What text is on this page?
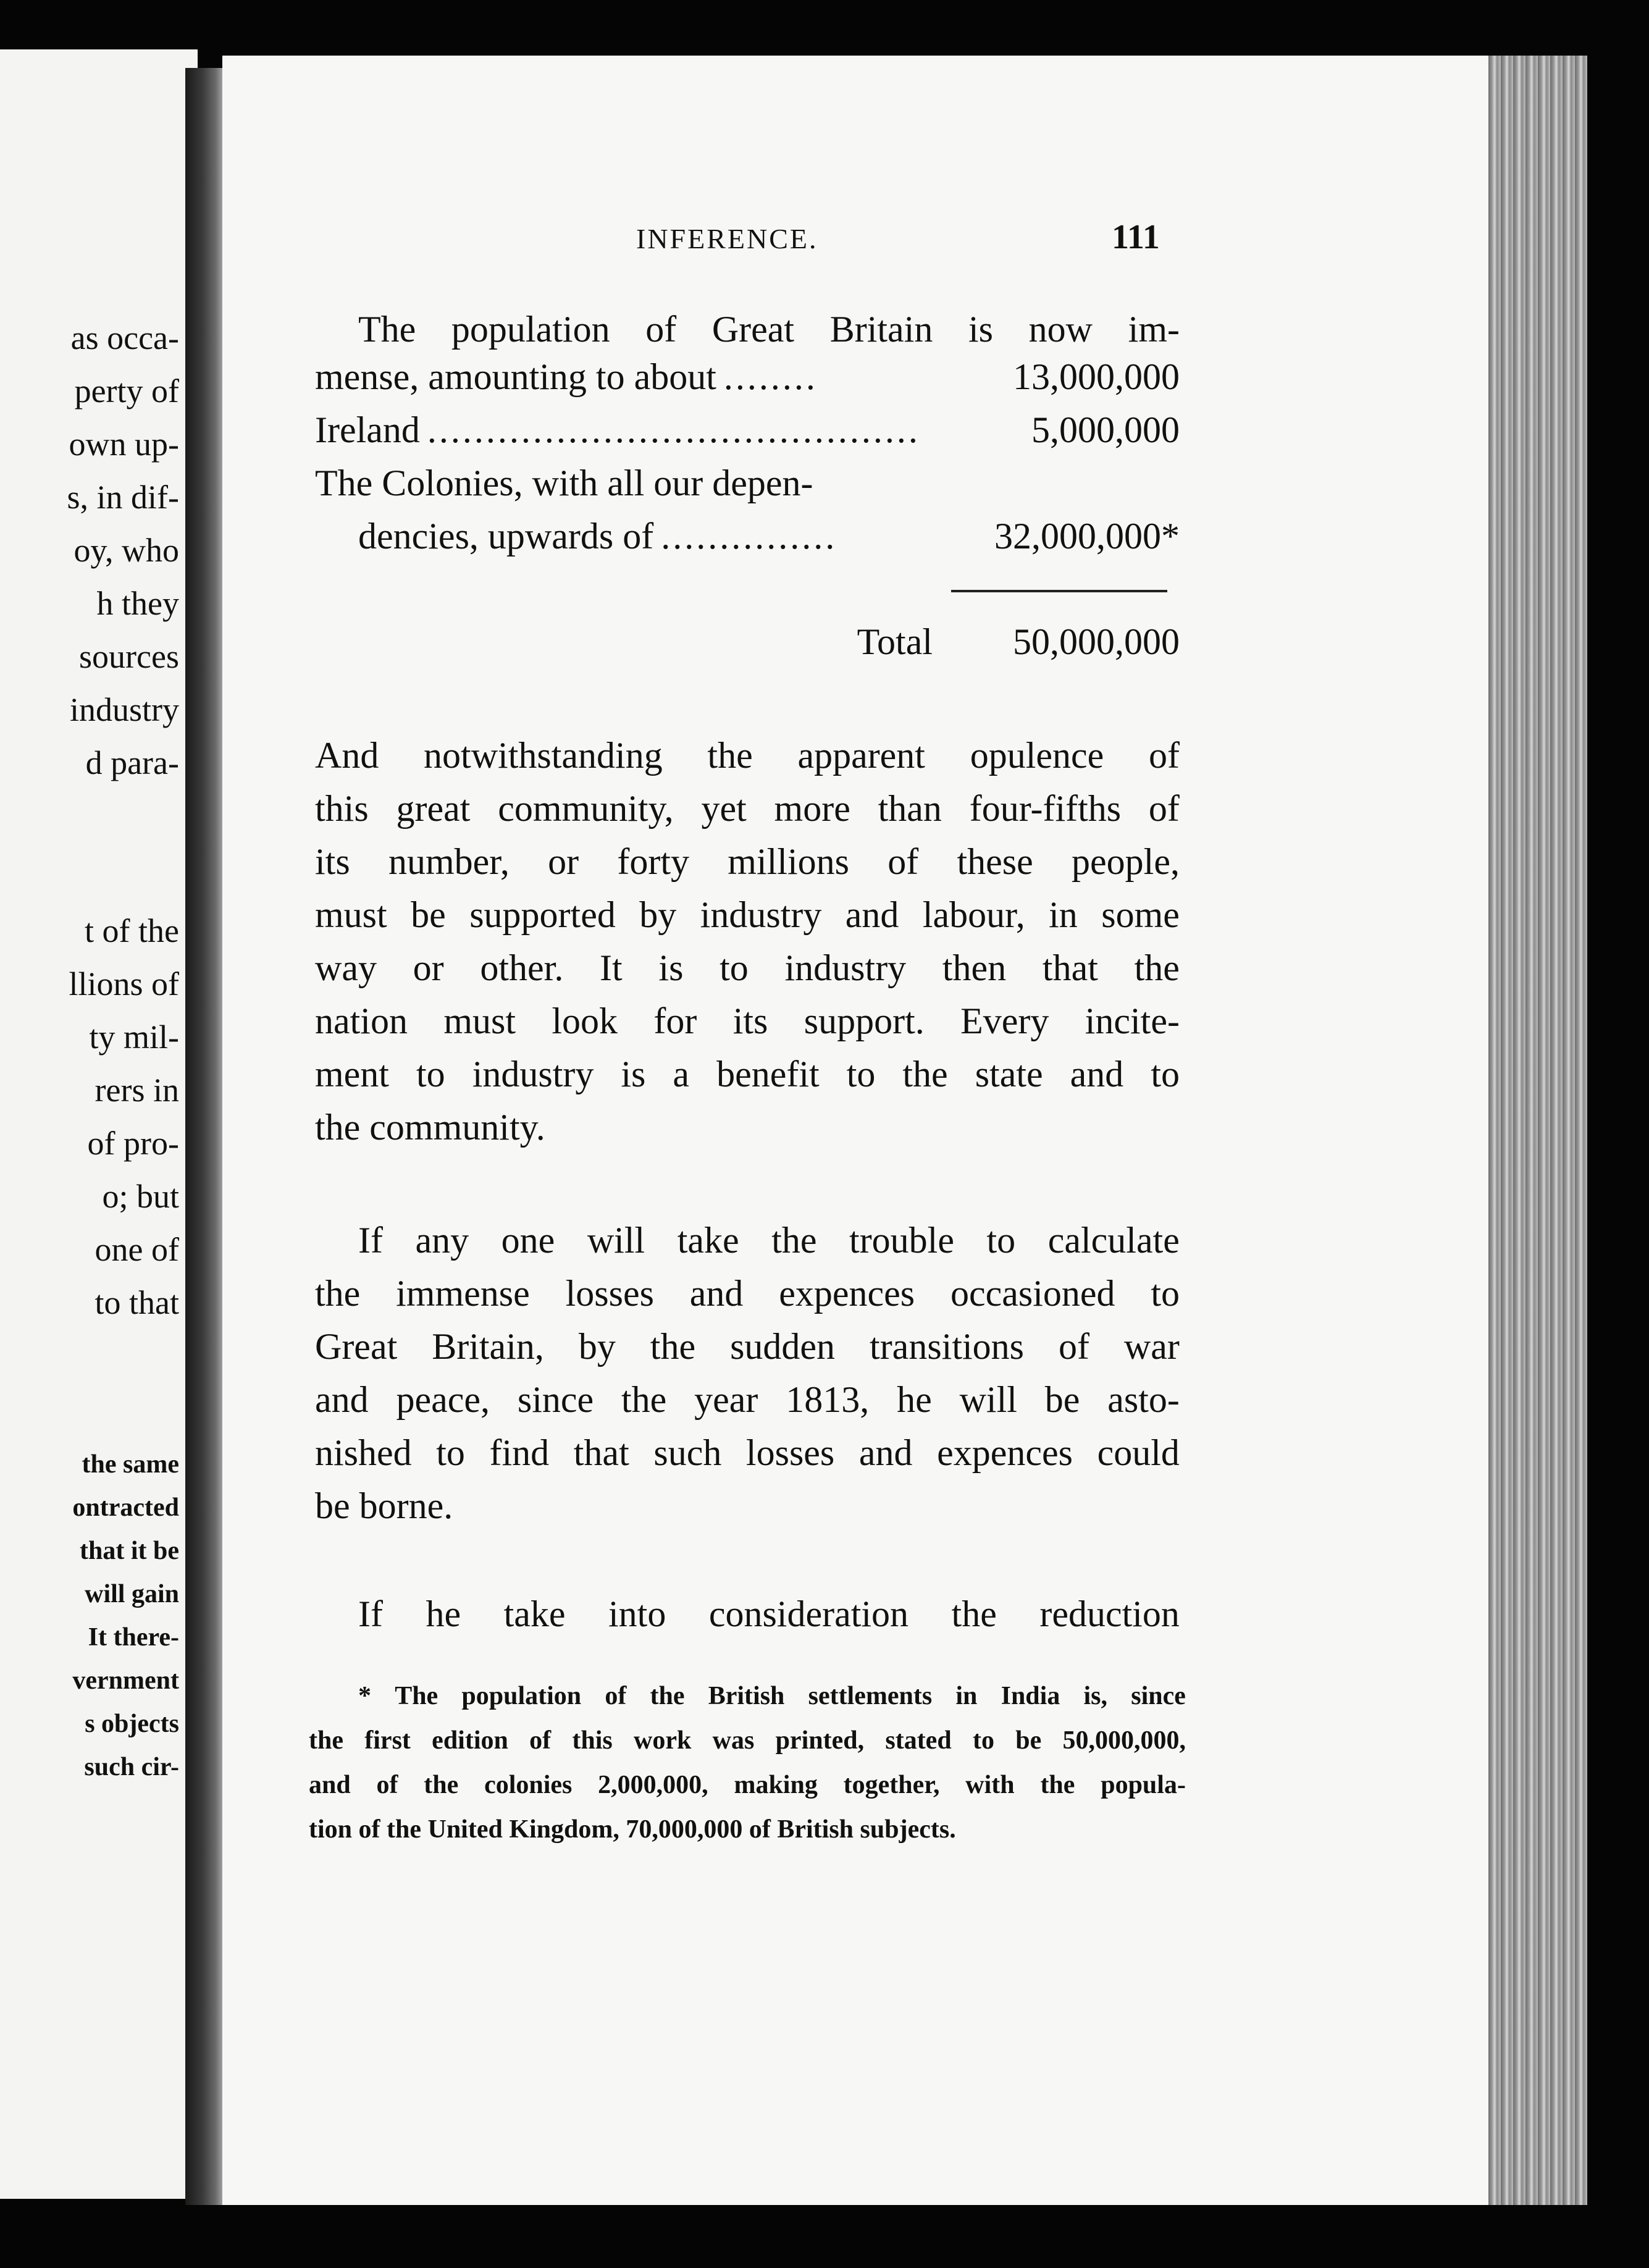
as occa-
perty of
own up-
s, in dif-
oy, who
h they
sources
industry
d para-
t of the
llions of
ty mil-
rers in
of pro-
o; but
one of
to that
the same
ontracted
that it be
will gain
It there-
vernment
s objects
such cir-
INFERENCE.	111
The population of Great Britain is now im-
mense, amounting to about ........	13,000,000
Ireland ..........................................	5,000,000
The Colonies, with all our depen-
dencies, upwards of ...............	32,000,000*
Total	50,000,000
And notwithstanding the apparent opulence of
this great community, yet more than four-fifths of
its number, or forty millions of these people,
must be supported by industry and labour, in some
way or other. It is to industry then that the
nation must look for its support. Every incite-
ment to industry is a benefit to the state and to
the community.
If any one will take the trouble to calculate
the immense losses and expences occasioned to
Great Britain, by the sudden transitions of war
and peace, since the year 1813, he will be asto-
nished to find that such losses and expences could
be borne.
If he take into consideration the reduction
* The population of the British settlements in India is, since
the first edition of this work was printed, stated to be 50,000,000,
and of the colonies 2,000,000, making together, with the popula-
tion of the United Kingdom, 70,000,000 of British subjects.
